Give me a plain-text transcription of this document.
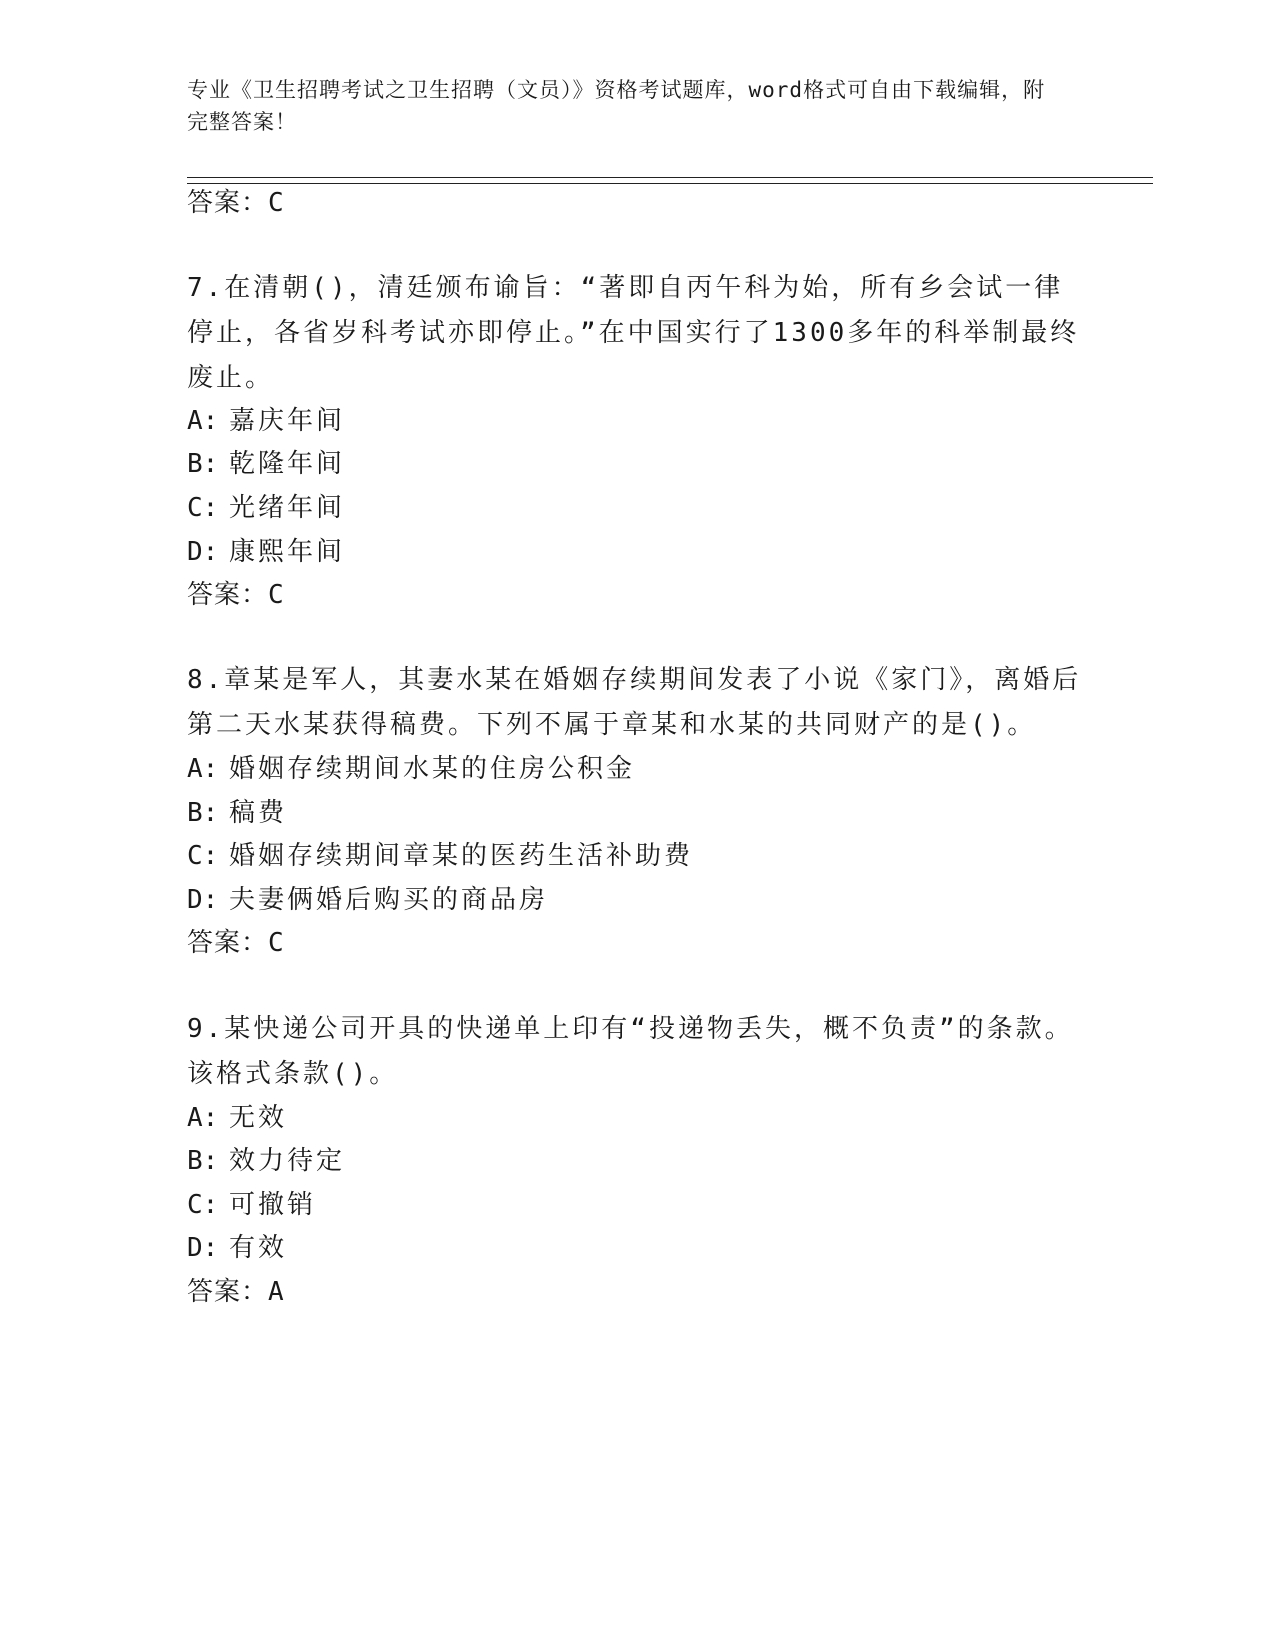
专业《卫生招聘考试之卫生招聘（文员）》资格考试题库，word格式可自由下载编辑，附完整答案！
答案：C
7.在清朝()，清廷颁布谕旨：“著即自丙午科为始，所有乡会试一律停止，各省岁科考试亦即停止。”在中国实行了1300多年的科举制最终废止。
A: 嘉庆年间
B: 乾隆年间
C: 光绪年间
D: 康熙年间
答案：C
8.章某是军人，其妻水某在婚姻存续期间发表了小说《家门》，离婚后第二天水某获得稿费。下列不属于章某和水某的共同财产的是()。
A: 婚姻存续期间水某的住房公积金
B: 稿费
C: 婚姻存续期间章某的医药生活补助费
D: 夫妻俩婚后购买的商品房
答案：C
9.某快递公司开具的快递单上印有“投递物丢失，概不负责”的条款。该格式条款()。
A: 无效
B: 效力待定
C: 可撤销
D: 有效
答案：A
